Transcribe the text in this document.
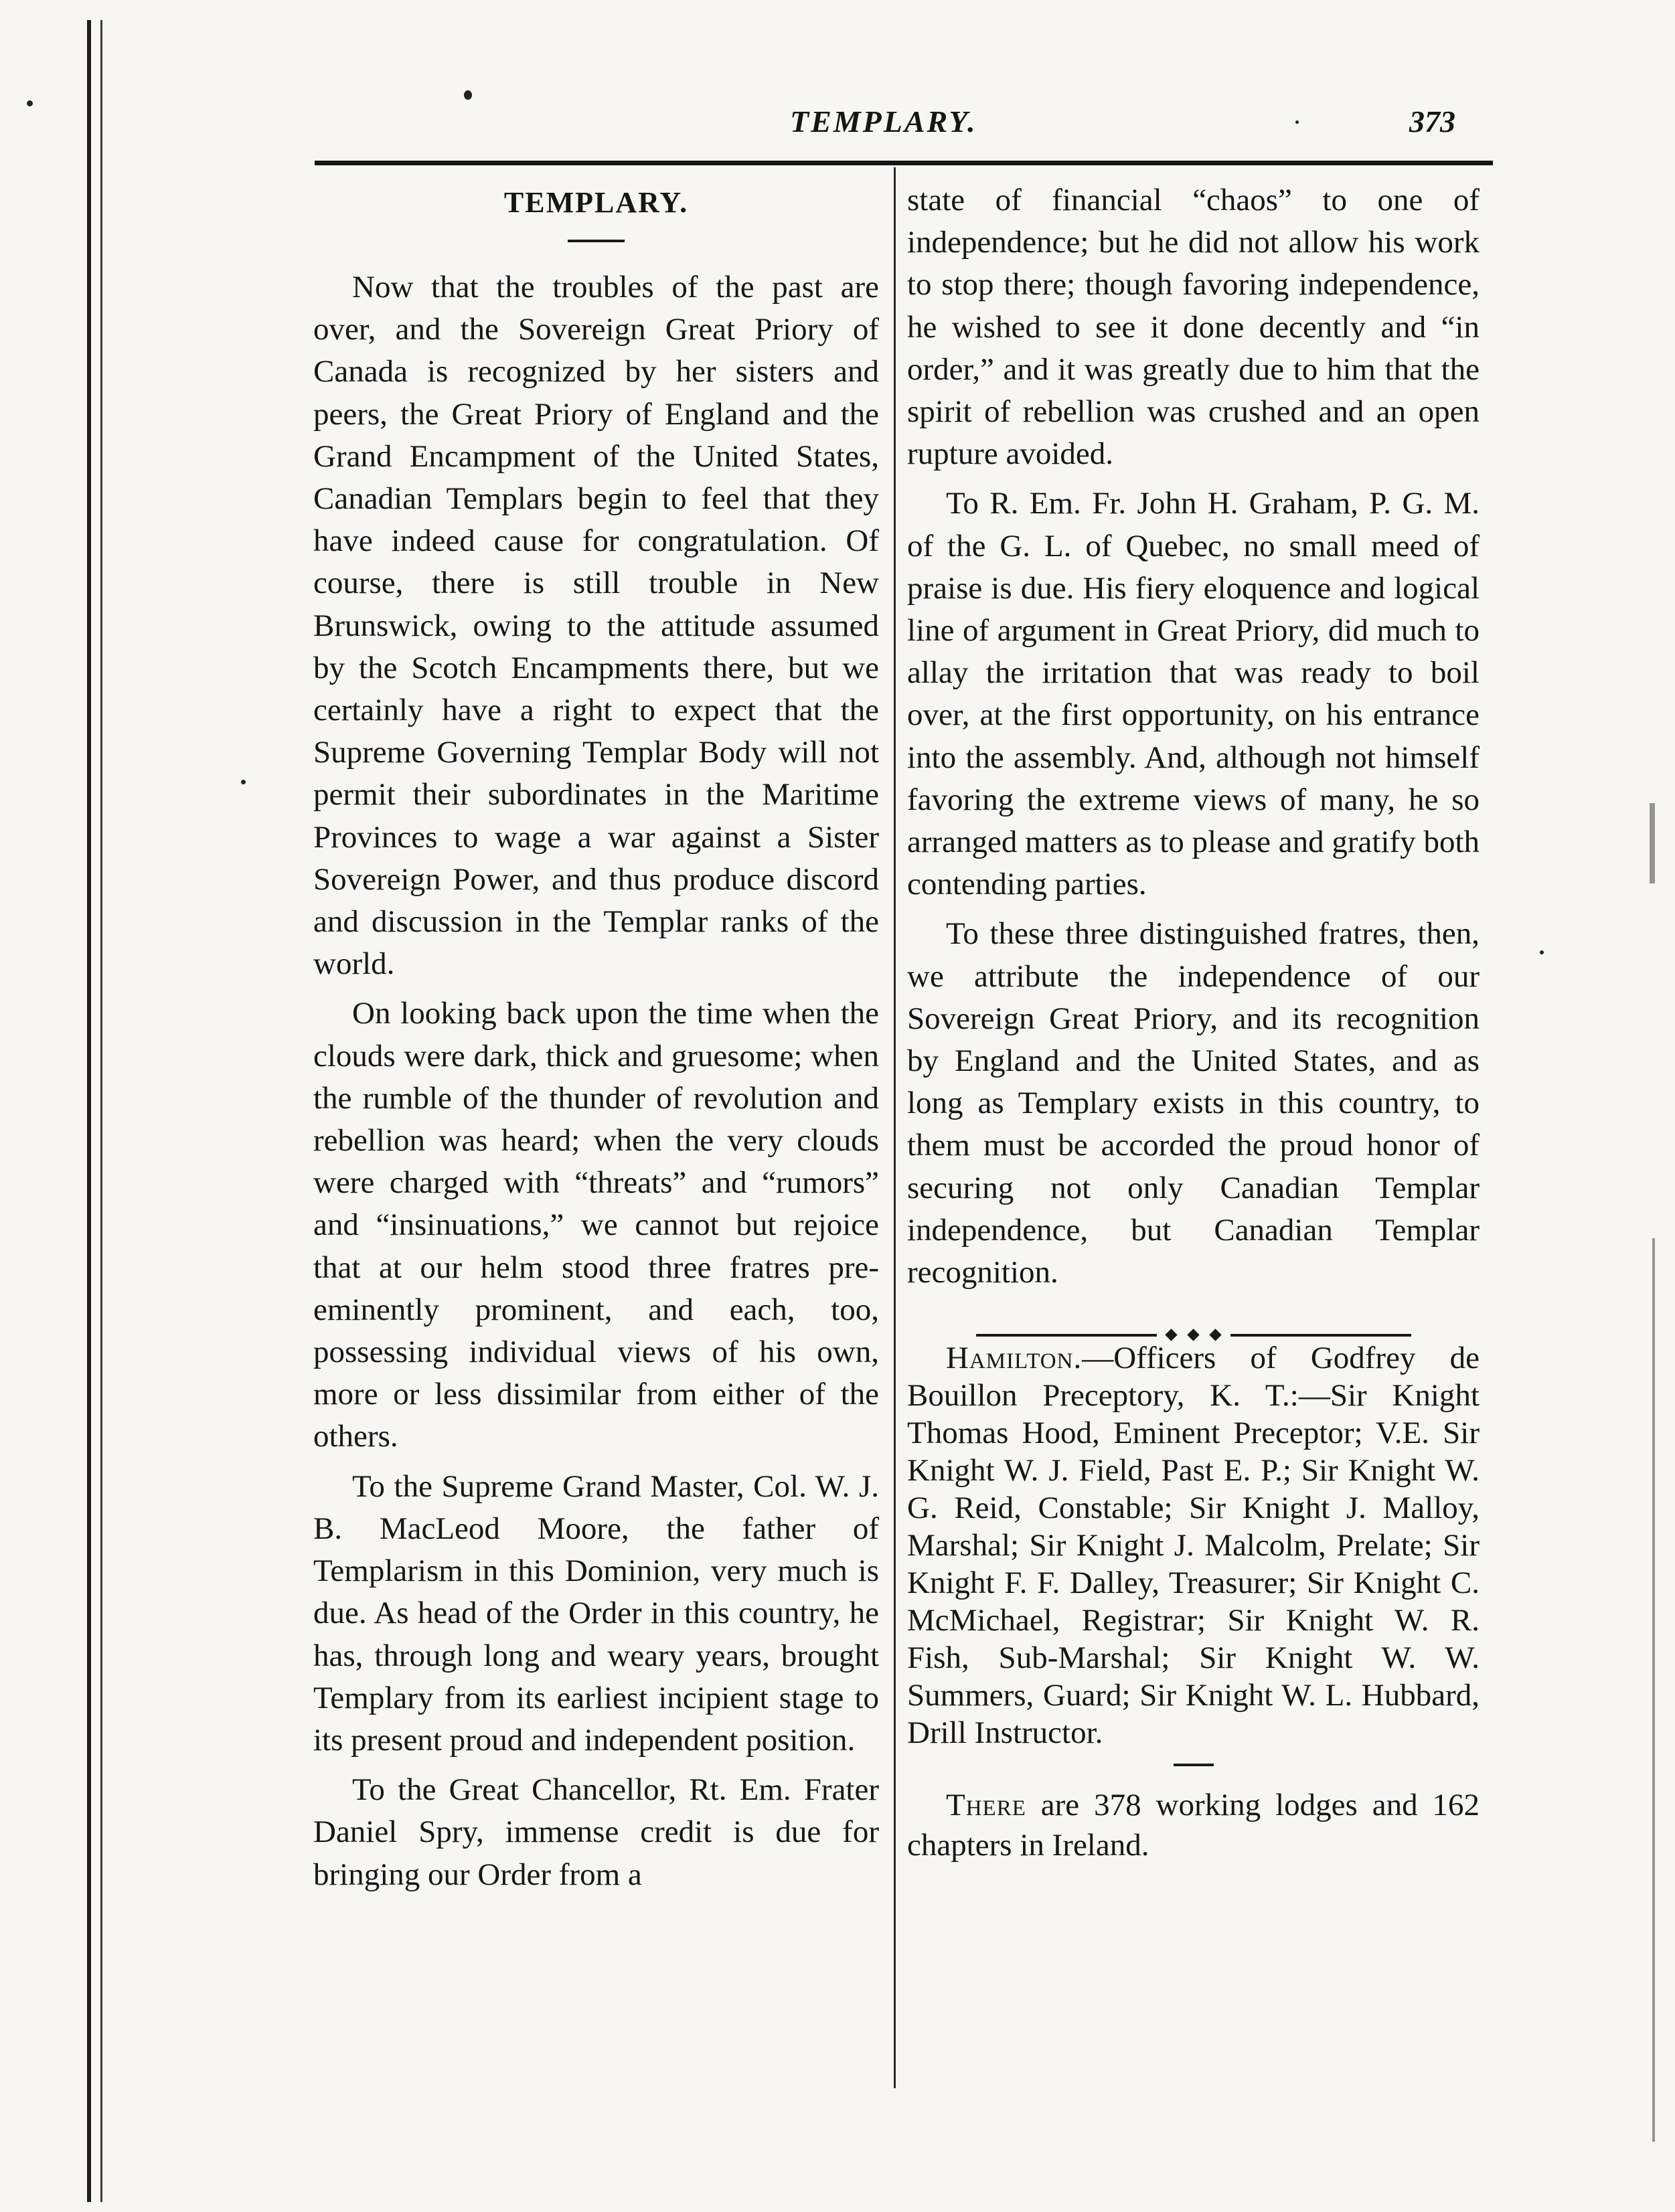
TEMPLARY.	373
TEMPLARY.

Now that the troubles of the past are over, and the Sovereign Great Priory of Canada is recognized by her sisters and peers, the Great Priory of England and the Grand Encampment of the United States, Canadian Templars begin to feel that they have indeed cause for congratulation. Of course, there is still trouble in New Brunswick, owing to the attitude assumed by the Scotch Encampments there, but we certainly have a right to expect that the Supreme Governing Templar Body will not permit their subordinates in the Maritime Provinces to wage a war against a Sister Sovereign Power, and thus produce discord and discussion in the Templar ranks of the world.

On looking back upon the time when the clouds were dark, thick and gruesome; when the rumble of the thunder of revolution and rebellion was heard; when the very clouds were charged with “threats” and “rumors” and “insinuations,” we cannot but rejoice that at our helm stood three fratres pre-eminently prominent, and each, too, possessing individual views of his own, more or less dissimilar from either of the others.

To the Supreme Grand Master, Col. W. J. B. MacLeod Moore, the father of Templarism in this Dominion, very much is due. As head of the Order in this country, he has, through long and weary years, brought Templary from its earliest incipient stage to its present proud and independent position.

To the Great Chancellor, Rt. Em. Frater Daniel Spry, immense credit is due for bringing our Order from a

state of financial “chaos” to one of independence; but he did not allow his work to stop there; though favoring independence, he wished to see it done decently and “in order,” and it was greatly due to him that the spirit of rebellion was crushed and an open rupture avoided.

To R. Em. Fr. John H. Graham, P. G. M. of the G. L. of Quebec, no small meed of praise is due. His fiery eloquence and logical line of argument in Great Priory, did much to allay the irritation that was ready to boil over, at the first opportunity, on his entrance into the assembly. And, although not himself favoring the extreme views of many, he so arranged matters as to please and gratify both contending parties.

To these three distinguished fratres, then, we attribute the independence of our Sovereign Great Priory, and its recognition by England and the United States, and as long as Templary exists in this country, to them must be accorded the proud honor of securing not only Canadian Templar independence, but Canadian Templar recognition.

Hamilton.—Officers of Godfrey de Bouillon Preceptory, K. T.:—Sir Knight Thomas Hood, Eminent Preceptor; V.E. Sir Knight W. J. Field, Past E. P.; Sir Knight W. G. Reid, Constable; Sir Knight J. Malloy, Marshal; Sir Knight J. Malcolm, Prelate; Sir Knight F. F. Dalley, Treasurer; Sir Knight C. McMichael, Registrar; Sir Knight W. R. Fish, Sub-Marshal; Sir Knight W. W. Summers, Guard; Sir Knight W. L. Hubbard, Drill Instructor.

There are 378 working lodges and 162 chapters in Ireland.
